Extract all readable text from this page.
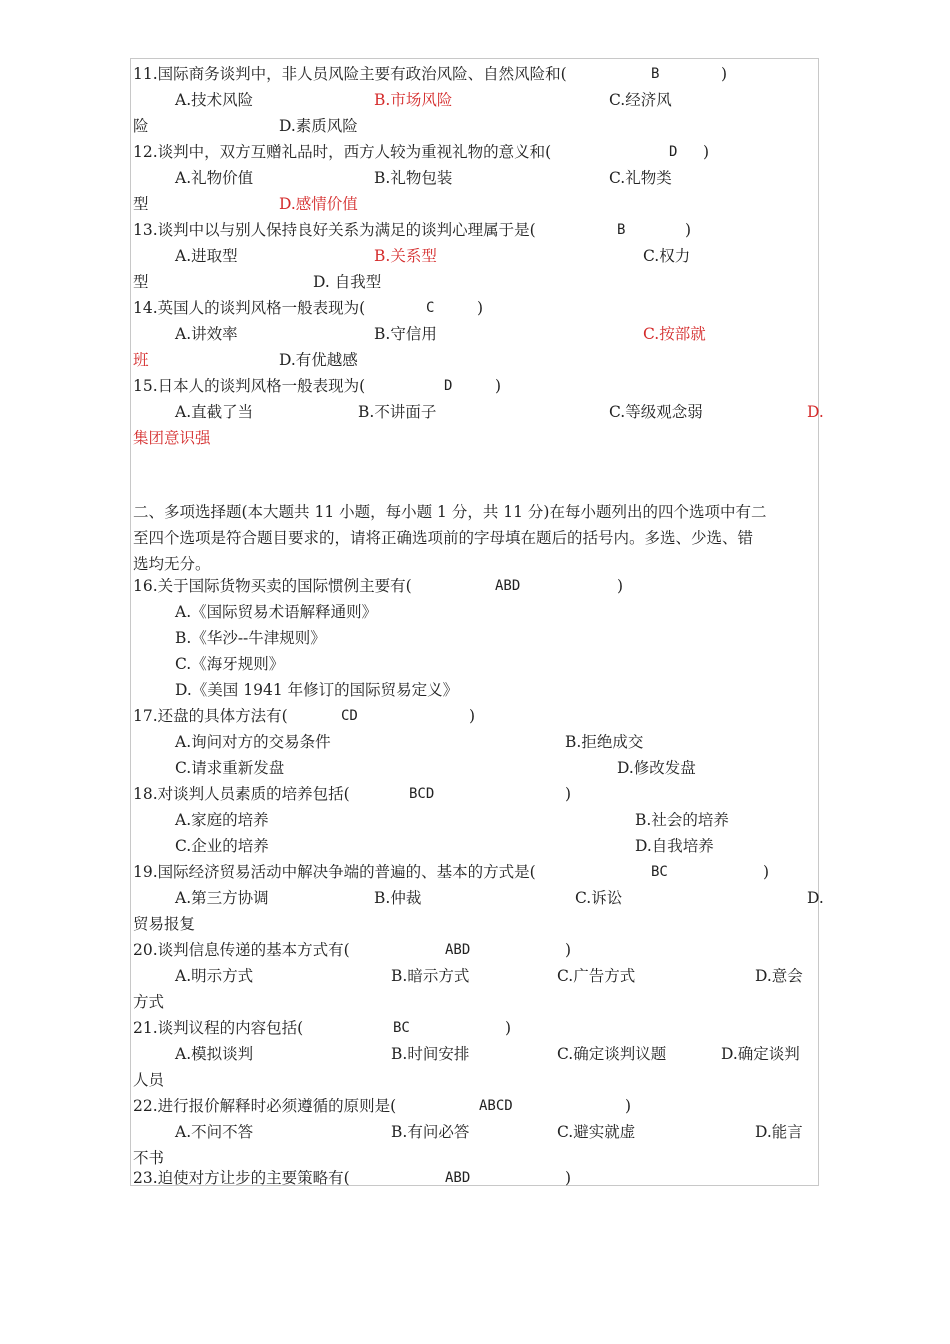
11.国际商务谈判中，非人员风险主要有政治风险、自然风险和(	B	)
A.技术风险	B.市场风险	C.经济风
险	D.素质风险
12.谈判中，双方互赠礼品时，西方人较为重视礼物的意义和(	D )
A.礼物价值	B.礼物包装	C.礼物类
型	D.感情价值
13.谈判中以与别人保持良好关系为满足的谈判心理属于是(	B	)
A.进取型	B.关系型	C.权力
型	D. 自我型
14.英国人的谈判风格一般表现为(	C	)
A.讲效率	B.守信用	C.按部就
班	D.有优越感
15.日本人的谈判风格一般表现为(	D	)
A.直截了当	B.不讲面子	C.等级观念弱	D.
集团意识强
二、多项选择题(本大题共 11 小题，每小题 1 分，共 11 分)在每小题列出的四个选项中有二
至四个选项是符合题目要求的，请将正确选项前的字母填在题后的括号内。多选、少选、错
选均无分。
16.关于国际货物买卖的国际惯例主要有(	ABD	)
A.《国际贸易术语解释通则》
B.《华沙--牛津规则》
C.《海牙规则》
D.《美国 1941 年修订的国际贸易定义》
17.还盘的具体方法有(	CD	)
A.询问对方的交易条件	B.拒绝成交
C.请求重新发盘	D.修改发盘
18.对谈判人员素质的培养包括(	BCD	)
A.家庭的培养	B.社会的培养
C.企业的培养	D.自我培养
19.国际经济贸易活动中解决争端的普遍的、基本的方式是(	BC	)
A.第三方协调	B.仲裁	C.诉讼	D.
贸易报复
20.谈判信息传递的基本方式有(	ABD	)
A.明示方式	B.暗示方式	C.广告方式	D.意会
方式
21.谈判议程的内容包括(	BC	)
A.模拟谈判	B.时间安排	C.确定谈判议题	D.确定谈判
人员
22.进行报价解释时必须遵循的原则是(	ABCD	)
A.不问不答	B.有问必答	C.避实就虚	D.能言
不书
23.迫使对方让步的主要策略有(	ABD	)
